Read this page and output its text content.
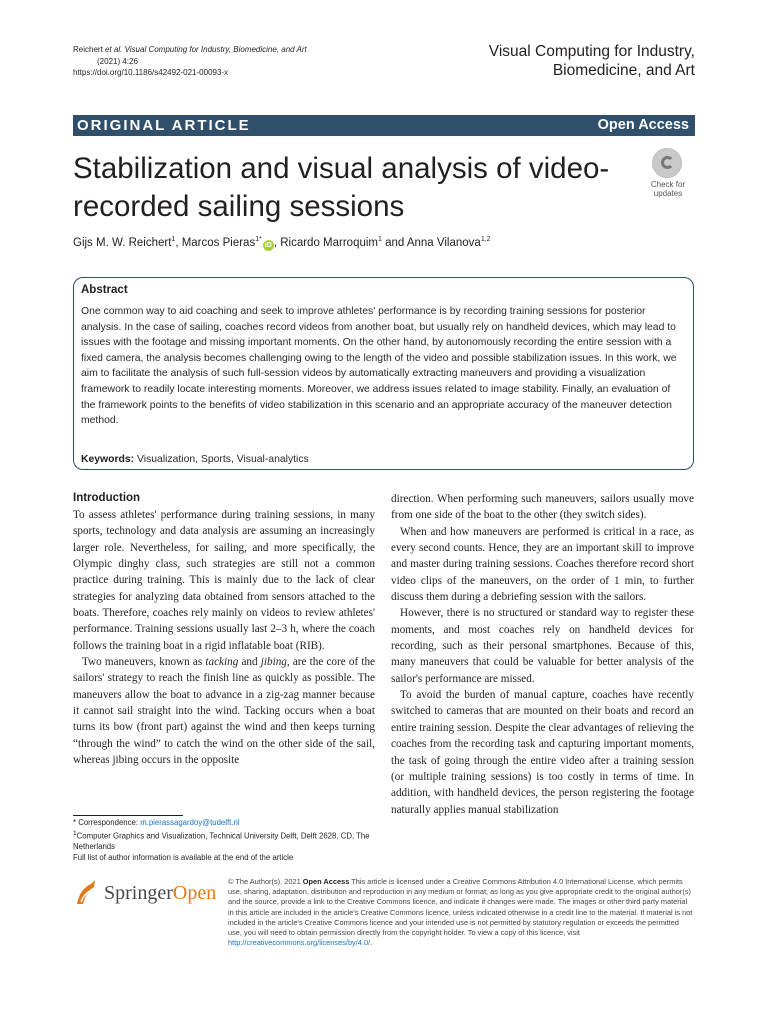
Reichert et al. Visual Computing for Industry, Biomedicine, and Art
(2021) 4:26
https://doi.org/10.1186/s42492-021-00093-x
Visual Computing for Industry,
Biomedicine, and Art
ORIGINAL ARTICLE	Open Access
Stabilization and visual analysis of video-recorded sailing sessions
Check for
updates
Gijs M. W. Reichert$^1$, Marcos Pieras$^{1*}$iD , Ricardo Marroquim$^1$ and Anna Vilanova$^{1,2}$
Abstract
One common way to aid coaching and seek to improve athletes' performance is by recording training sessions for posterior analysis. In the case of sailing, coaches record videos from another boat, but usually rely on handheld devices, which may lead to issues with the footage and missing important moments. On the other hand, by autonomously recording the entire session with a fixed camera, the analysis becomes challenging owing to the length of the video and possible stabilization issues. In this work, we aim to facilitate the analysis of such full-session videos by automatically extracting maneuvers and providing a visualization framework to readily locate interesting moments. Moreover, we address issues related to image stability. Finally, an evaluation of the framework points to the benefits of video stabilization in this scenario and an appropriate accuracy of the maneuver detection method.
Keywords: Visualization, Sports, Visual-analytics
Introduction

To assess athletes' performance during training sessions, in many sports, technology and data analysis are assuming an increasingly larger role. Nevertheless, for sailing, and more specifically, the Olympic dinghy class, such strategies are still not a common practice during training. This is mainly due to the lack of clear strategies for analyzing data obtained from sensors attached to the boats. Therefore, coaches rely mainly on videos to review athletes' performance. Training sessions usually last 2–3 h, where the coach follows the training boat in a rigid inflatable boat (RIB).

Two maneuvers, known as tacking and jibing, are the core of the sailors' strategy to reach the finish line as quickly as possible. The maneuvers allow the boat to advance in a zig-zag manner because it cannot sail straight into the wind. Tacking occurs when a boat turns its bow (front part) against the wind and then keeps turning “through the wind” to catch the wind on the other side of the sail, whereas jibing occurs in the opposite

direction. When performing such maneuvers, sailors usually move from one side of the boat to the other (they switch sides).

When and how maneuvers are performed is critical in a race, as every second counts. Hence, they are an important skill to improve and master during training sessions. Coaches therefore record short video clips of the maneuvers, on the order of 1 min, to further discuss them during a debriefing session with the sailors.

However, there is no structured or standard way to register these moments, and most coaches rely on handheld devices for recording, such as their personal smartphones. Because of this, many maneuvers that could be valuable for better analysis of the sailor's performance are missed.

To avoid the burden of manual capture, coaches have recently switched to cameras that are mounted on their boats and record an entire training session. Despite the clear advantages of relieving the coaches from the recording task and capturing important moments, the task of going through the entire video after a training session (or multiple training sessions) is too costly in terms of time. In addition, with handheld devices, the person registering the footage naturally applies manual stabilization

* Correspondence: m.pierassagardoy@tudelft.nl
$^1$Computer Graphics and Visualization, Technical University Delft, Delft 2628, CD, The Netherlands
Full list of author information is available at the end of the article
SpringerOpen
© The Author(s). 2021 Open Access This article is licensed under a Creative Commons Attribution 4.0 International License, which permits use, sharing, adaptation, distribution and reproduction in any medium or format, as long as you give appropriate credit to the original author(s) and the source, provide a link to the Creative Commons licence, and indicate if changes were made. The images or other third party material in this article are included in the article's Creative Commons licence, unless indicated otherwise in a credit line to the material. If material is not included in the article's Creative Commons licence and your intended use is not permitted by statutory regulation or exceeds the permitted use, you will need to obtain permission directly from the copyright holder. To view a copy of this licence, visit http://creativecommons.org/licenses/by/4.0/.
